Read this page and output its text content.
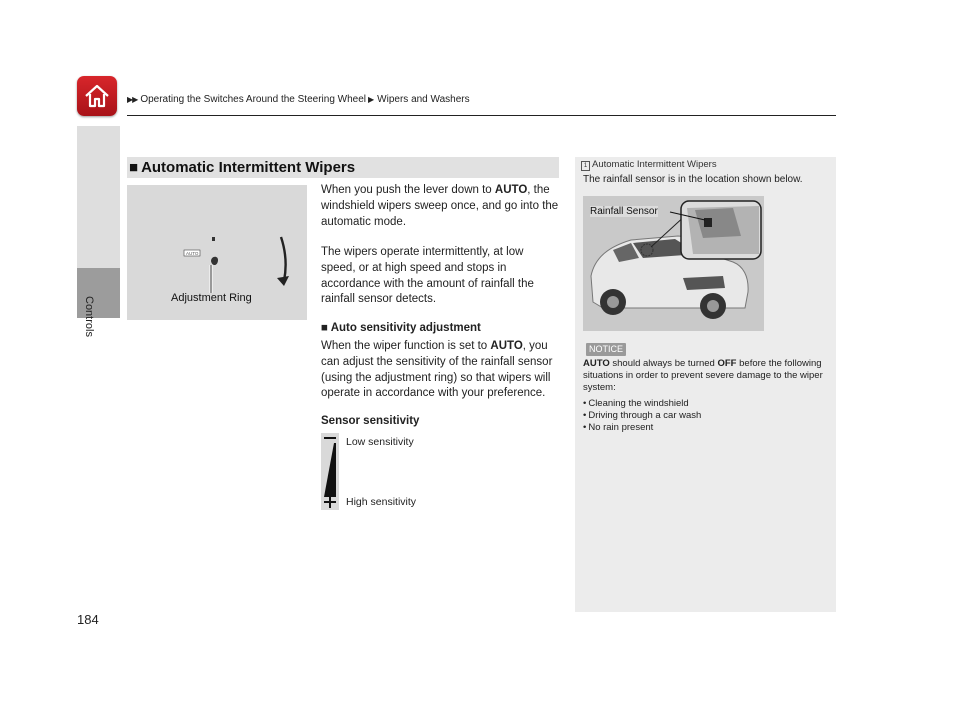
▶▶ Operating the Switches Around the Steering Wheel ▶ Wipers and Washers
Controls
■ Automatic Intermittent Wipers
AUTO
Adjustment Ring
When you push the lever down to AUTO, the windshield wipers sweep once, and go into the automatic mode.
The wipers operate intermittently, at low speed, or at high speed and stops in accordance with the amount of rainfall the rainfall sensor detects.
■ Auto sensitivity adjustment
When the wiper function is set to AUTO, you can adjust the sensitivity of the rainfall sensor (using the adjustment ring) so that wipers will operate in accordance with your preference.
Sensor sensitivity
Low sensitivity
High sensitivity
1 Automatic Intermittent Wipers
The rainfall sensor is in the location shown below.
Rainfall Sensor
NOTICE
AUTO should always be turned OFF before the following situations in order to prevent severe damage to the wiper system:
• Cleaning the windshield
• Driving through a car wash
• No rain present
184
